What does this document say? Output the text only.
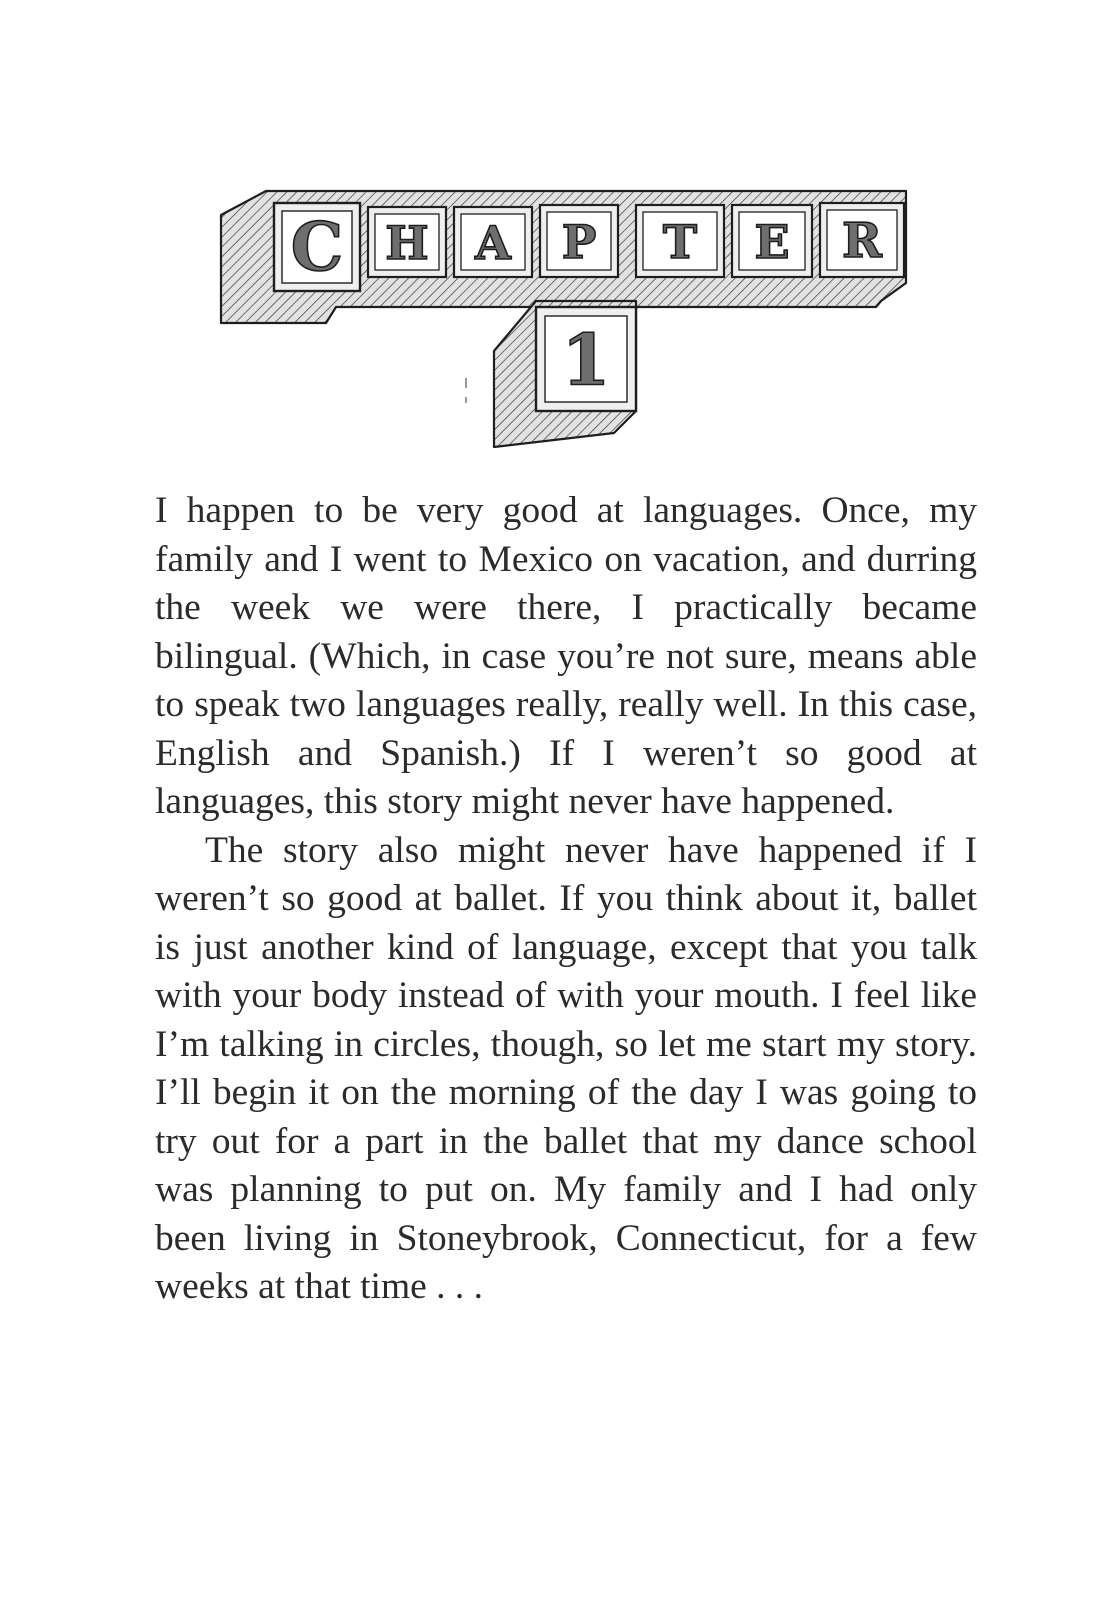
C H A P T E R
1

I happen to be very good at languages. Once, my family and I went to Mexico on vacation, and durring the week we were there, I practically became bilingual. (Which, in case you’re not sure, means able to speak two languages really, really well. In this case, English and Spanish.) If I weren’t so good at languages, this story might never have happened.

The story also might never have happened if I weren’t so good at ballet. If you think about it, ballet is just another kind of language, except that you talk with your body instead of with your mouth. I feel like I’m talking in circles, though, so let me start my story. I’ll begin it on the morning of the day I was going to try out for a part in the ballet that my dance school was planning to put on. My family and I had only been living in Stoneybrook, Connecticut, for a few weeks at that time . . .
